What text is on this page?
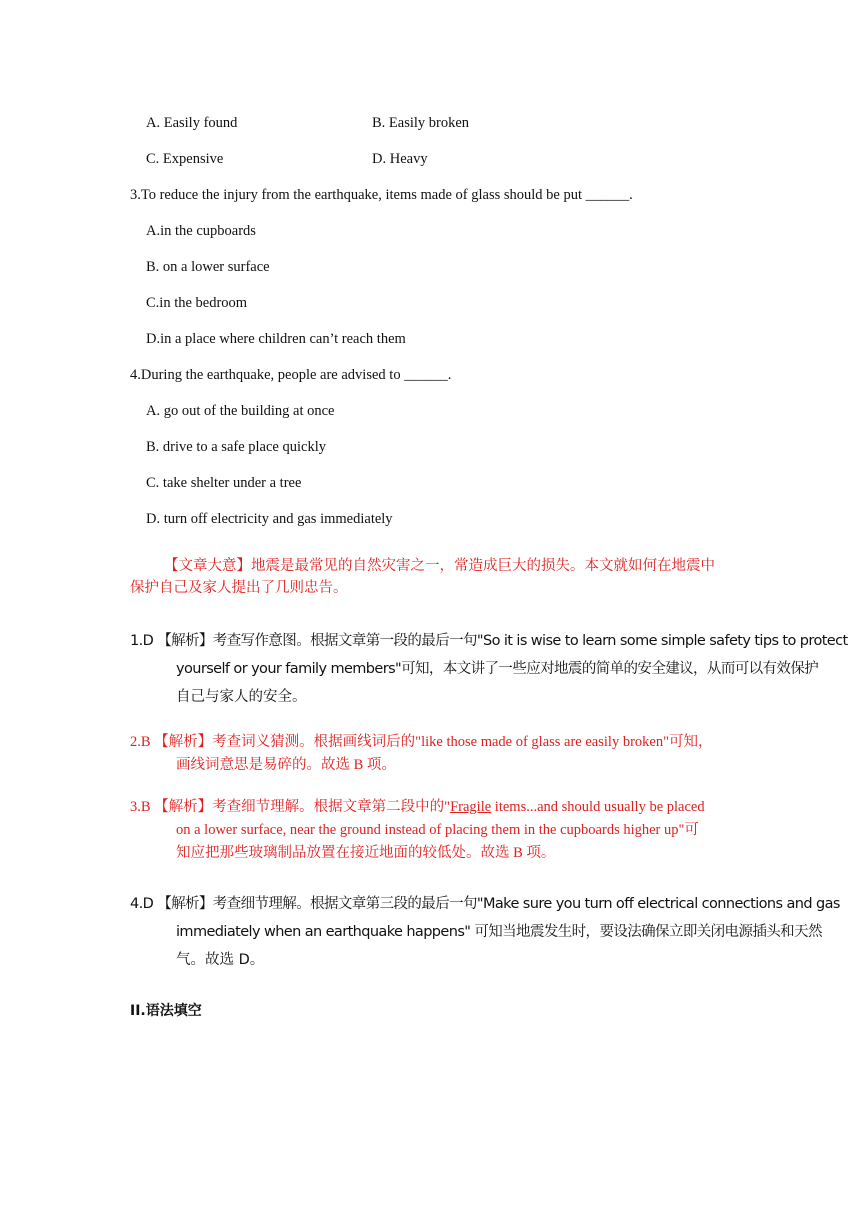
A. Easily found	B. Easily broken
C. Expensive	D. Heavy
3.To reduce the injury from the earthquake, items made of glass should be put ______.
A.in the cupboards
B. on a lower surface
C.in the bedroom
D.in a place where children can’t reach them
4.During the earthquake, people are advised to ______.
A. go out of the building at once
B. drive to a safe place quickly
C. take shelter under a tree
D. turn off electricity and gas immediately
【文章大意】地震是最常见的自然灾害之一，常造成巨大的损失。本文就如何在地震中
保护自己及家人提出了几则忠告。
1.D 【解析】考查写作意图。根据文章第一段的最后一句"So it is wise to learn some simple safety tips to protect
yourself or your family members"可知，本文讲了一些应对地震的简单的安全建议，从而可以有效保护
自己与家人的安全。
2.B 【解析】考查词义猜测。根据画线词后的"like those made of glass are easily broken"可知，
画线词意思是易碎的。故选 B 项。
3.B 【解析】考查细节理解。根据文章第二段中的"Fragile items...and should usually be placed
on a lower surface, near the ground instead of placing them in the cupboards higher up"可
知应把那些玻璃制品放置在接近地面的较低处。故选 B 项。
4.D 【解析】考查细节理解。根据文章第三段的最后一句"Make sure you turn off electrical connections and gas
immediately when an earthquake happens" 可知当地震发生时，要设法确保立即关闭电源插头和天然
气。故选 D。
II.语法填空
